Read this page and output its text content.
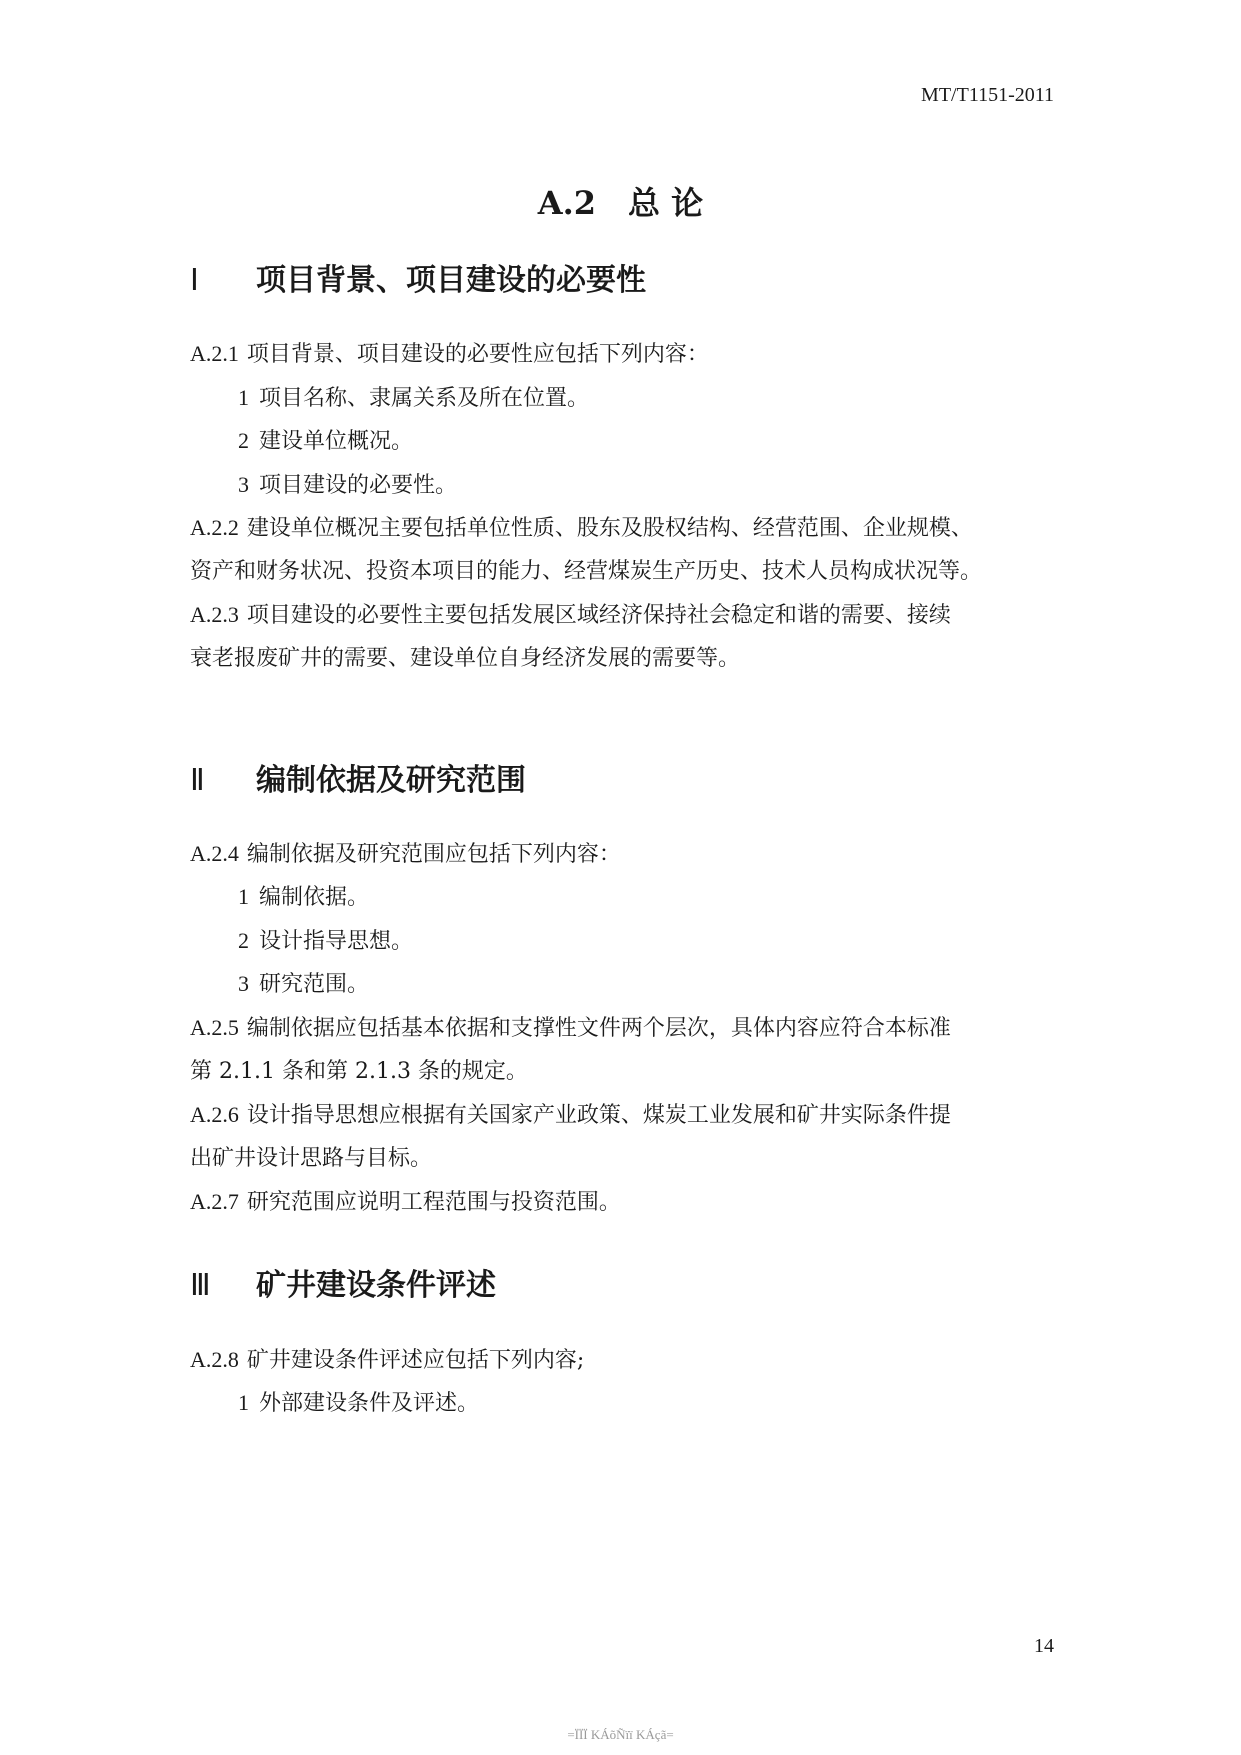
MT/T1151-2011
A.2 总 论
Ⅰ 项目背景、项目建设的必要性
A.2.1 项目背景、项目建设的必要性应包括下列内容：
1 项目名称、隶属关系及所在位置。
2 建设单位概况。
3 项目建设的必要性。
A.2.2 建设单位概况主要包括单位性质、股东及股权结构、经营范围、企业规模、
资产和财务状况、投资本项目的能力、经营煤炭生产历史、技术人员构成状况等。
A.2.3 项目建设的必要性主要包括发展区域经济保持社会稳定和谐的需要、接续
衰老报废矿井的需要、建设单位自身经济发展的需要等。
Ⅱ 编制依据及研究范围
A.2.4 编制依据及研究范围应包括下列内容：
1 编制依据。
2 设计指导思想。
3 研究范围。
A.2.5 编制依据应包括基本依据和支撑性文件两个层次，具体内容应符合本标准
第 2.1.1 条和第 2.1.3 条的规定。
A.2.6 设计指导思想应根据有关国家产业政策、煤炭工业发展和矿井实际条件提
出矿井设计思路与目标。
A.2.7 研究范围应说明工程范围与投资范围。
Ⅲ 矿井建设条件评述
A.2.8 矿井建设条件评述应包括下列内容;
1 外部建设条件及评述。
14
=ÏÏÏ KÁõÑïï KÁçã=
